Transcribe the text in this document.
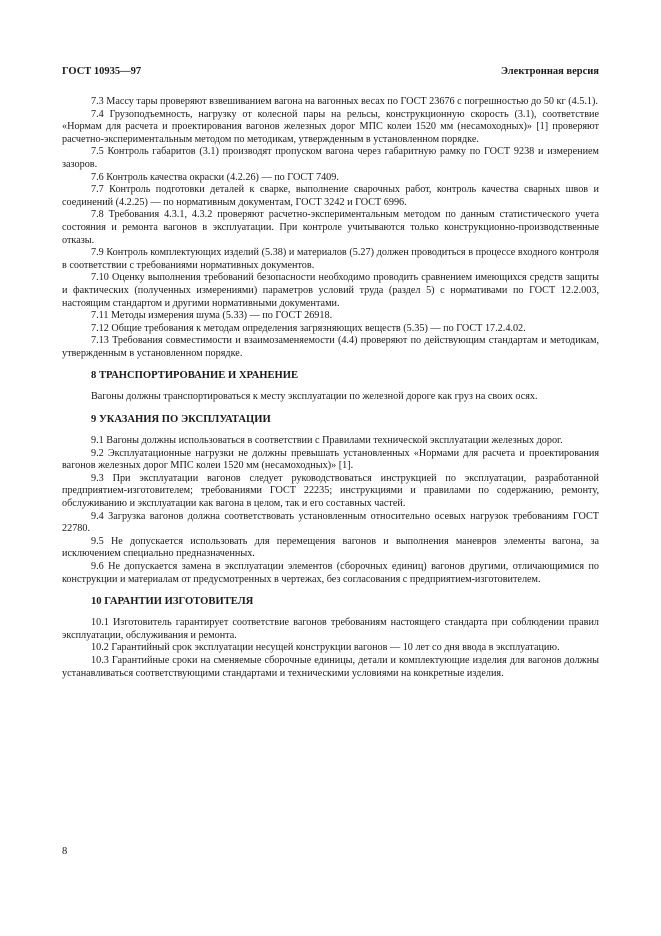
ГОСТ 10935—97	Электронная версия

7.3 Массу тары проверяют взвешиванием вагона на вагонных весах по ГОСТ 23676 с погрешностью до 50 кг (4.5.1).

7.4 Грузоподъемность, нагрузку от колесной пары на рельсы, конструкционную скорость (3.1), соответствие «Нормам для расчета и проектирования вагонов железных дорог МПС колеи 1520 мм (несамоходных)» [1] проверяют расчетно-экспериментальным методом по методикам, утвержденным в установленном порядке.

7.5 Контроль габаритов (3.1) производят пропуском вагона через габаритную рамку по ГОСТ 9238 и измерением зазоров.

7.6 Контроль качества окраски (4.2.26) — по ГОСТ 7409.

7.7 Контроль подготовки деталей к сварке, выполнение сварочных работ, контроль качества сварных швов и соединений (4.2.25) — по нормативным документам, ГОСТ 3242 и ГОСТ 6996.

7.8 Требования 4.3.1, 4.3.2 проверяют расчетно-экспериментальным методом по данным статистического учета состояния и ремонта вагонов в эксплуатации. При контроле учитываются только конструкционно-производственные отказы.

7.9 Контроль комплектующих изделий (5.38) и материалов (5.27) должен проводиться в процессе входного контроля в соответствии с требованиями нормативных документов.

7.10 Оценку выполнения требований безопасности необходимо проводить сравнением имеющихся средств защиты и фактических (полученных измерениями) параметров условий труда (раздел 5) с нормативами по ГОСТ 12.2.003, настоящим стандартом и другими нормативными документами.

7.11 Методы измерения шума (5.33) — по ГОСТ 26918.

7.12 Общие требования к методам определения загрязняющих веществ (5.35) — по ГОСТ 17.2.4.02.

7.13 Требования совместимости и взаимозаменяемости (4.4) проверяют по действующим стандартам и методикам, утвержденным в установленном порядке.

8 ТРАНСПОРТИРОВАНИЕ И ХРАНЕНИЕ

Вагоны должны транспортироваться к месту эксплуатации по железной дороге как груз на своих осях.

9 УКАЗАНИЯ ПО ЭКСПЛУАТАЦИИ

9.1 Вагоны должны использоваться в соответствии с Правилами технической эксплуатации железных дорог.

9.2 Эксплуатационные нагрузки не должны превышать установленных «Нормами для расчета и проектирования вагонов железных дорог МПС колеи 1520 мм (несамоходных)» [1].

9.3 При эксплуатации вагонов следует руководствоваться инструкцией по эксплуатации, разработанной предприятием-изготовителем; требованиями ГОСТ 22235; инструкциями и правилами по содержанию, ремонту, обслуживанию и эксплуатации как вагона в целом, так и его составных частей.

9.4 Загрузка вагонов должна соответствовать установленным относительно осевых нагрузок требованиям ГОСТ 22780.

9.5 Не допускается использовать для перемещения вагонов и выполнения маневров элементы вагона, за исключением специально предназначенных.

9.6 Не допускается замена в эксплуатации элементов (сборочных единиц) вагонов другими, отличающимися по конструкции и материалам от предусмотренных в чертежах, без согласования с предприятием-изготовителем.

10 ГАРАНТИИ ИЗГОТОВИТЕЛЯ

10.1 Изготовитель гарантирует соответствие вагонов требованиям настоящего стандарта при соблюдении правил эксплуатации, обслуживания и ремонта.

10.2 Гарантийный срок эксплуатации несущей конструкции вагонов — 10 лет со дня ввода в эксплуатацию.

10.3 Гарантийные сроки на сменяемые сборочные единицы, детали и комплектующие изделия для вагонов должны устанавливаться соответствующими стандартами и техническими условиями на конкретные изделия.

8
